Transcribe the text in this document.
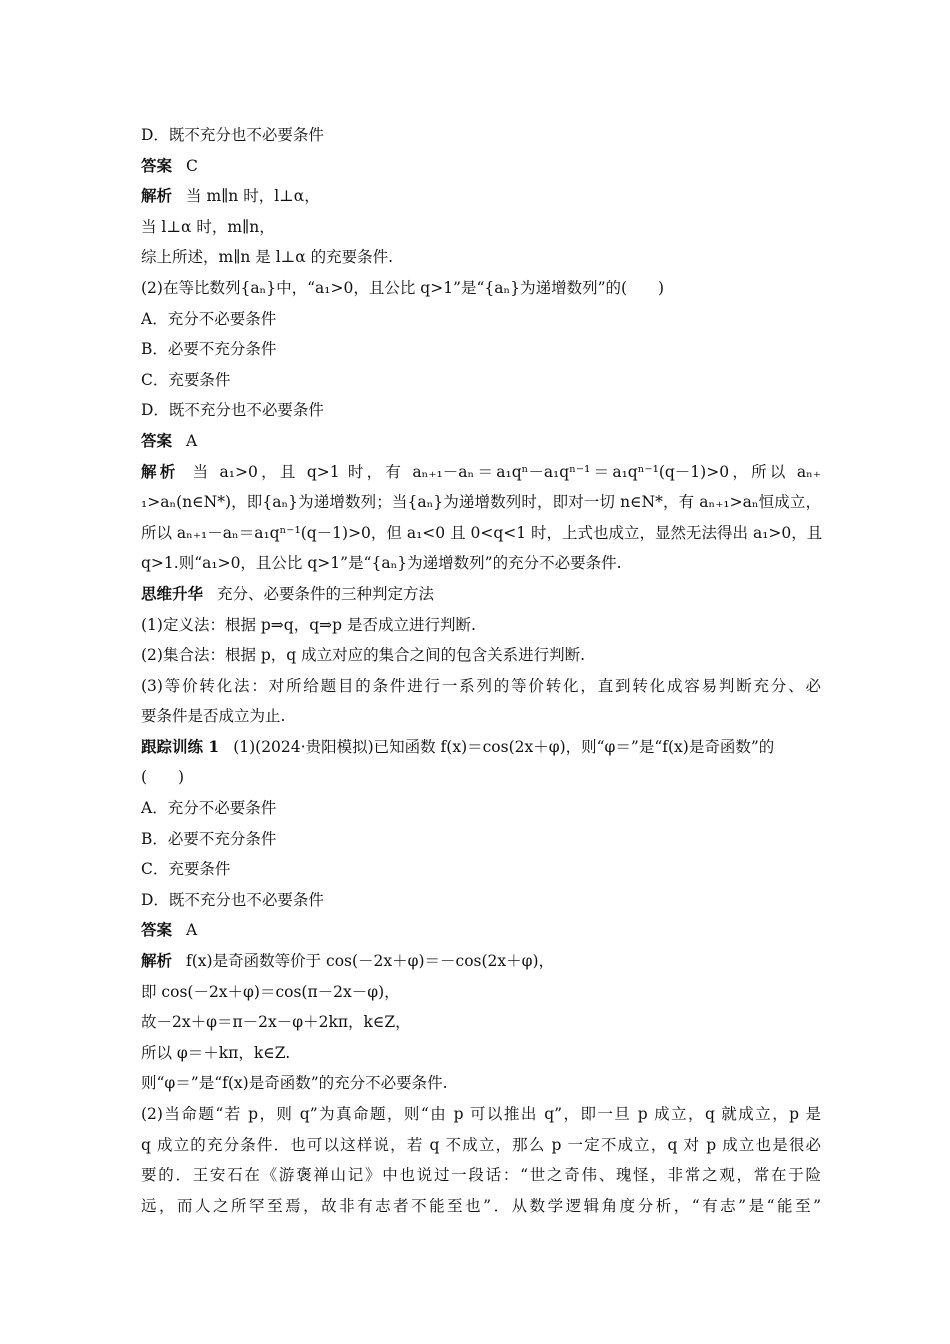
D．既不充分也不必要条件
答案 C
解析 当 m∥n 时，l⊥α，
当 l⊥α 时，m∥n，
综上所述，m∥n 是 l⊥α 的充要条件.
(2)在等比数列{aₙ}中，“a₁>0，且公比 q>1”是“{aₙ}为递增数列”的(　　)
A．充分不必要条件
B．必要不充分条件
C．充要条件
D．既不充分也不必要条件
答案 A
解析 当 a₁>0，且 q>1 时，有 aₙ₊₁－aₙ＝a₁qⁿ－a₁qⁿ⁻¹＝a₁qⁿ⁻¹(q－1)>0，所以 aₙ₊
₁>aₙ(n∈N*)，即{aₙ}为递增数列；当{aₙ}为递增数列时，即对一切 n∈N*，有 aₙ₊₁>aₙ恒成立，
所以 aₙ₊₁－aₙ＝a₁qⁿ⁻¹(q－1)>0，但 a₁<0 且 0<q<1 时，上式也成立，显然无法得出 a₁>0，且
q>1.则“a₁>0，且公比 q>1”是“{aₙ}为递增数列”的充分不必要条件.
思维升华 充分、必要条件的三种判定方法
(1)定义法：根据 p⇒q，q⇒p 是否成立进行判断.
(2)集合法：根据 p，q 成立对应的集合之间的包含关系进行判断.
(3)等价转化法：对所给题目的条件进行一系列的等价转化，直到转化成容易判断充分、必
要条件是否成立为止.
跟踪训练 1 (1)(2024·贵阳模拟)已知函数 f(x)＝cos(2x＋φ)，则“φ＝”是“f(x)是奇函数”的
(　　)
A．充分不必要条件
B．必要不充分条件
C．充要条件
D．既不充分也不必要条件
答案 A
解析 f(x)是奇函数等价于 cos(－2x＋φ)＝－cos(2x＋φ)，
即 cos(－2x＋φ)＝cos(π－2x－φ)，
故－2x＋φ＝π－2x－φ＋2kπ，k∈Z，
所以 φ＝＋kπ，k∈Z.
则“φ＝”是“f(x)是奇函数”的充分不必要条件.
(2)当命题“若 p，则 q”为真命题，则“由 p 可以推出 q”，即一旦 p 成立，q 就成立，p 是
q 成立的充分条件．也可以这样说，若 q 不成立，那么 p 一定不成立，q 对 p 成立也是很必
要的．王安石在《游褒禅山记》中也说过一段话：“世之奇伟、瑰怪，非常之观，常在于险
远，而人之所罕至焉，故非有志者不能至也”．从数学逻辑角度分析，“有志”是“能至”
